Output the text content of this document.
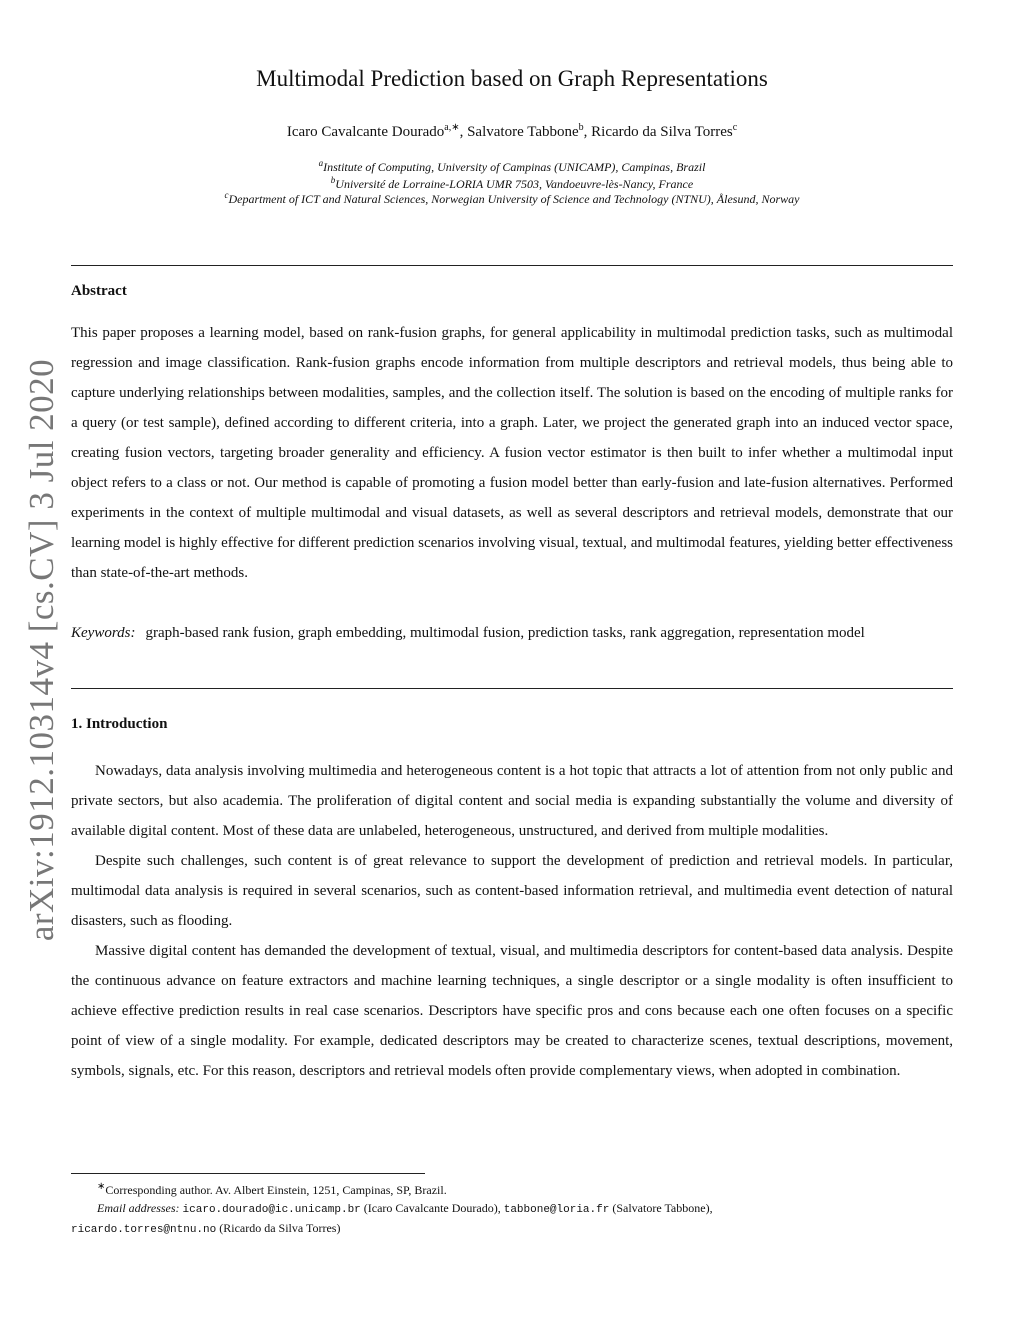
arXiv:1912.10314v4 [cs.CV] 3 Jul 2020
Multimodal Prediction based on Graph Representations
Icaro Cavalcante Dourado$^{a,∗}$, Salvatore Tabbone$^b$, Ricardo da Silva Torres$^c$
$^a$Institute of Computing, University of Campinas (UNICAMP), Campinas, Brazil
$^b$Université de Lorraine-LORIA UMR 7503, Vandoeuvre-lès-Nancy, France
$^c$Department of ICT and Natural Sciences, Norwegian University of Science and Technology (NTNU), Ålesund, Norway
Abstract

This paper proposes a learning model, based on rank-fusion graphs, for general applicability in multimodal prediction tasks, such as multimodal regression and image classification. Rank-fusion graphs encode information from multiple descriptors and retrieval models, thus being able to capture underlying relationships between modalities, samples, and the collection itself. The solution is based on the encoding of multiple ranks for a query (or test sample), defined according to different criteria, into a graph. Later, we project the generated graph into an induced vector space, creating fusion vectors, targeting broader generality and efficiency. A fusion vector estimator is then built to infer whether a multimodal input object refers to a class or not. Our method is capable of promoting a fusion model better than early-fusion and late-fusion alternatives. Performed experiments in the context of multiple multimodal and visual datasets, as well as several descriptors and retrieval models, demonstrate that our learning model is highly effective for different prediction scenarios involving visual, textual, and multimodal features, yielding better effectiveness than state-of-the-art methods.

Keywords: graph-based rank fusion, graph embedding, multimodal fusion, prediction tasks, rank aggregation, representation model

1. Introduction

Nowadays, data analysis involving multimedia and heterogeneous content is a hot topic that attracts a lot of attention from not only public and private sectors, but also academia. The proliferation of digital content and social media is expanding substantially the volume and diversity of available digital content. Most of these data are unlabeled, heterogeneous, unstructured, and derived from multiple modalities.

Despite such challenges, such content is of great relevance to support the development of prediction and retrieval models. In particular, multimodal data analysis is required in several scenarios, such as content-based information retrieval, and multimedia event detection of natural disasters, such as flooding.

Massive digital content has demanded the development of textual, visual, and multimedia descriptors for content-based data analysis. Despite the continuous advance on feature extractors and machine learning techniques, a single descriptor or a single modality is often insufficient to achieve effective prediction results in real case scenarios. Descriptors have specific pros and cons because each one often focuses on a specific point of view of a single modality. For example, dedicated descriptors may be created to characterize scenes, textual descriptions, movement, symbols, signals, etc. For this reason, descriptors and retrieval models often provide complementary views, when adopted in combination.

∗Corresponding author. Av. Albert Einstein, 1251, Campinas, SP, Brazil.

Email addresses: icaro.dourado@ic.unicamp.br (Icaro Cavalcante Dourado), tabbone@loria.fr (Salvatore Tabbone),

ricardo.torres@ntnu.no (Ricardo da Silva Torres)
